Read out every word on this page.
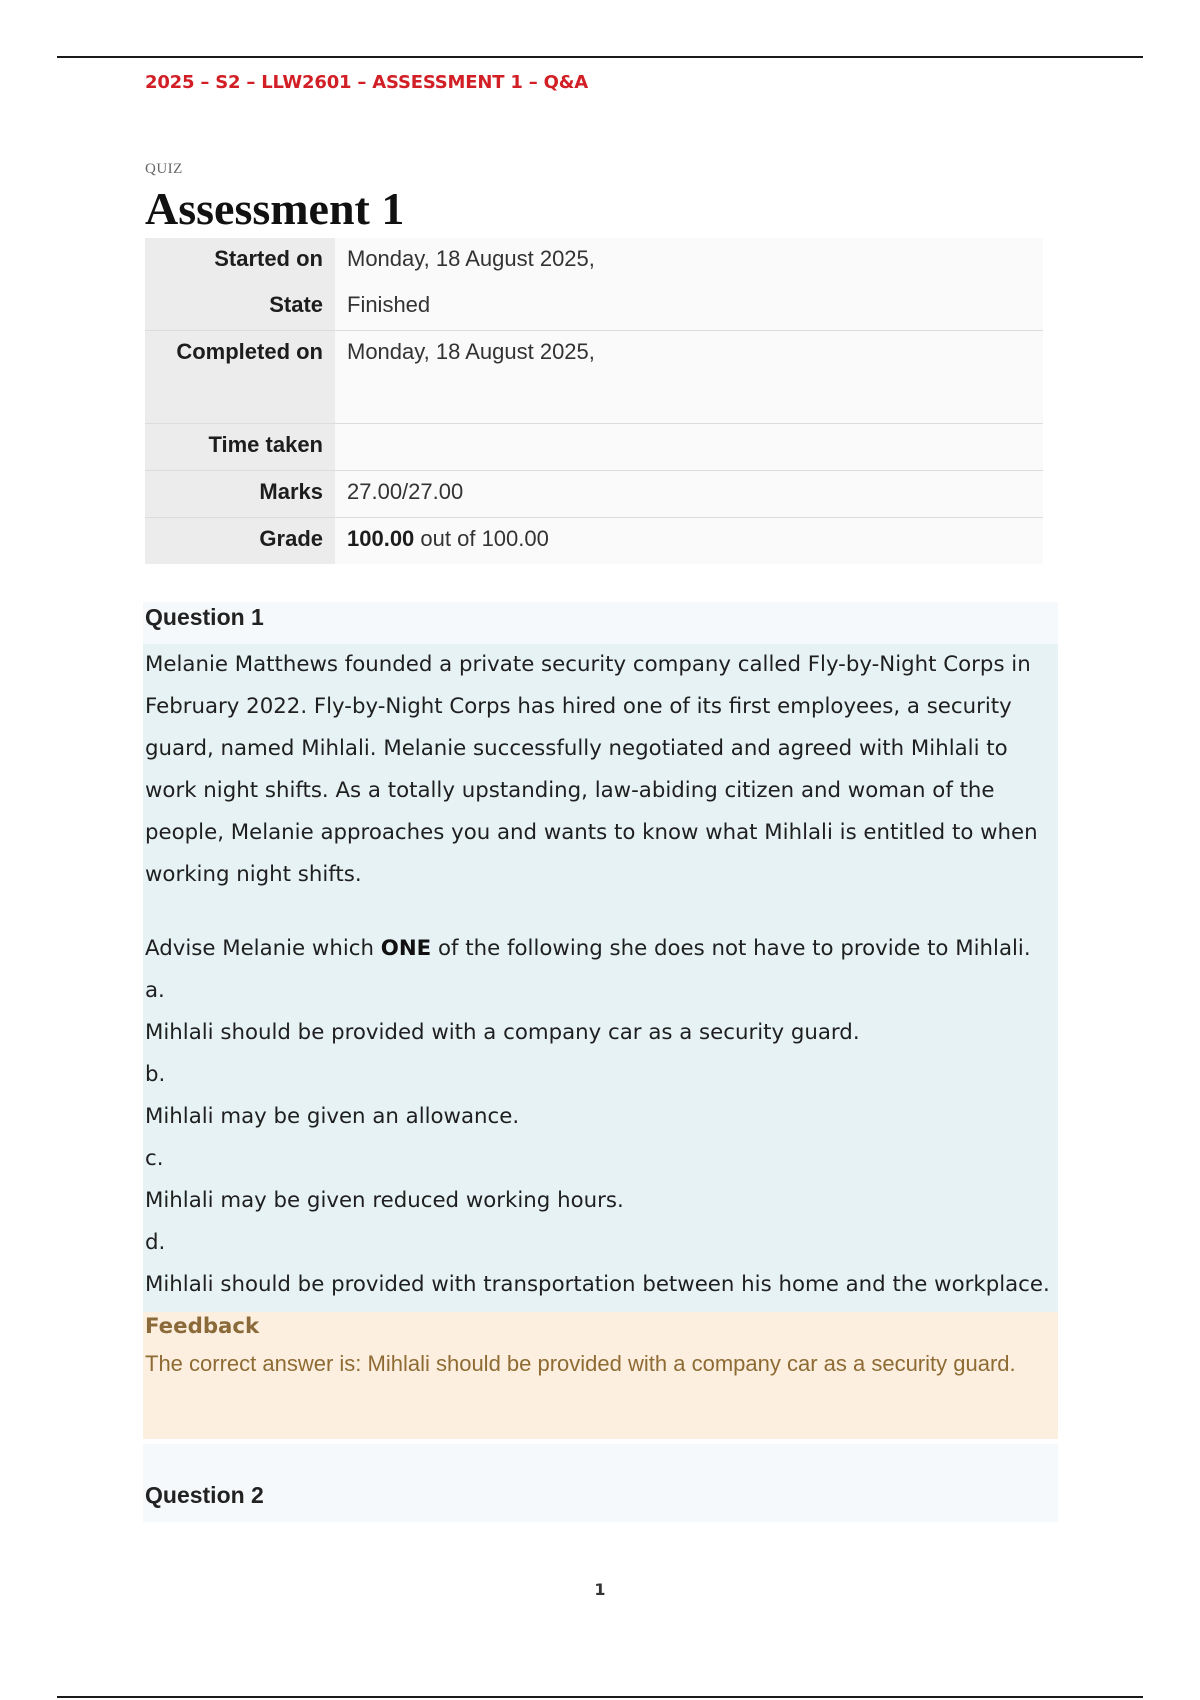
2025 – S2 – LLW2601 – ASSESSMENT 1 – Q&A
QUIZ
Assessment 1
Started on	Monday, 18 August 2025,
State	Finished
Completed on	Monday, 18 August 2025,
Time taken	
Marks	27.00/27.00
Grade	100.00 out of 100.00
Question 1

Melanie Matthews founded a private security company called Fly-by-Night Corps in February 2022. Fly-by-Night Corps has hired one of its first employees, a security guard, named Mihlali. Melanie successfully negotiated and agreed with Mihlali to work night shifts. As a totally upstanding, law-abiding citizen and woman of the people, Melanie approaches you and wants to know what Mihlali is entitled to when working night shifts.

Advise Melanie which ONE of the following she does not have to provide to Mihlali.

a.
Mihlali should be provided with a company car as a security guard.
b.
Mihlali may be given an allowance.
c.
Mihlali may be given reduced working hours.
d.
Mihlali should be provided with transportation between his home and the workplace.
Feedback

The correct answer is: Mihlali should be provided with a company car as a security guard.

Question 2
1
